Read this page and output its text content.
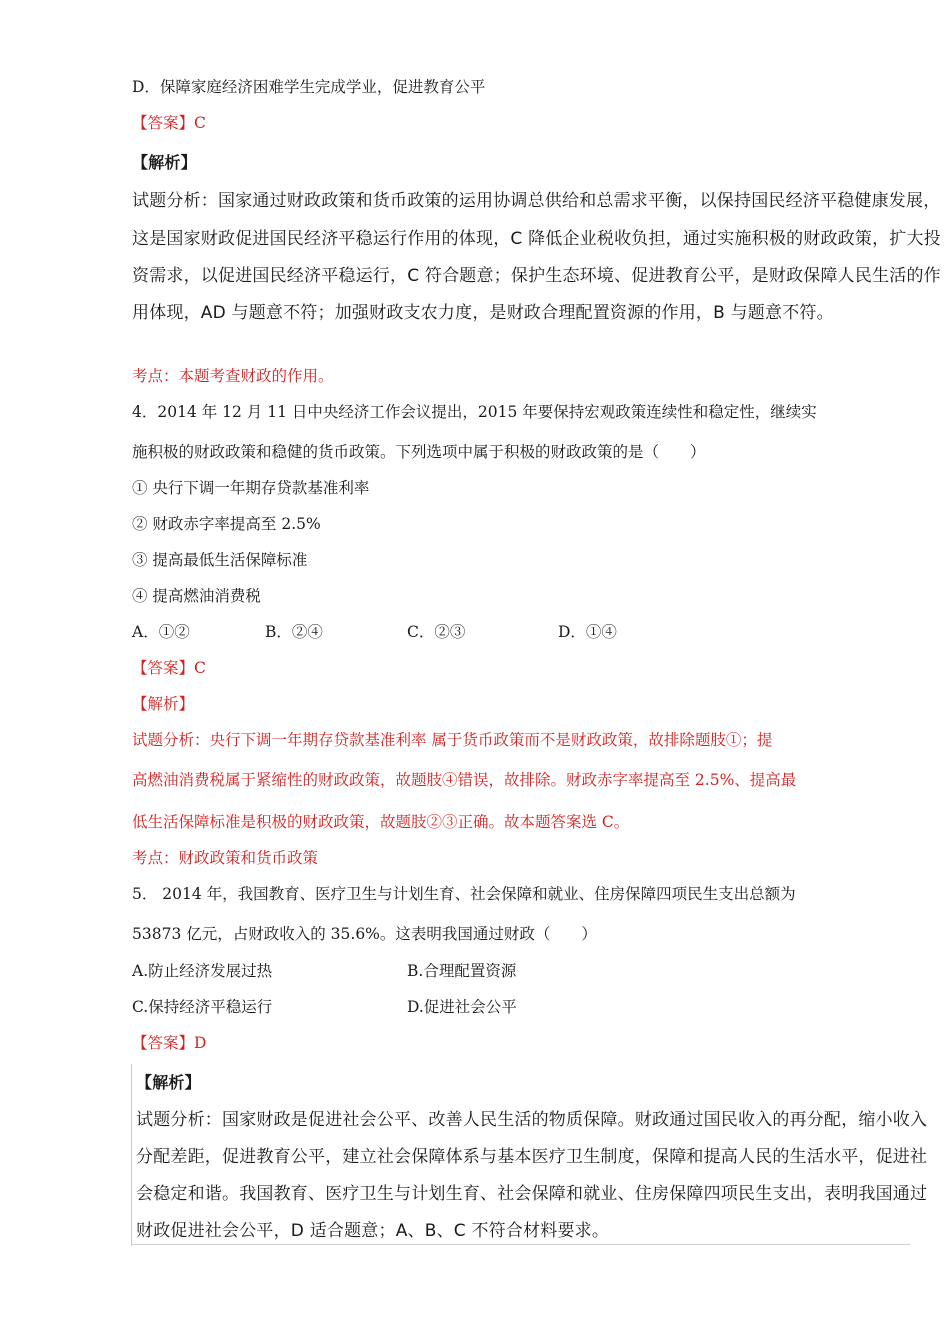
D．保障家庭经济困难学生完成学业，促进教育公平
【答案】C
【解析】
试题分析：国家通过财政政策和货币政策的运用协调总供给和总需求平衡，以保持国民经济平稳健康发展，
这是国家财政促进国民经济平稳运行作用的体现，C 降低企业税收负担，通过实施积极的财政政策，扩大投
资需求，以促进国民经济平稳运行，C 符合题意；保护生态环境、促进教育公平，是财政保障人民生活的作
用体现，AD 与题意不符；加强财政支农力度，是财政合理配置资源的作用，B 与题意不符。
考点：本题考查财政的作用。
4．2014 年 12 月 11 日中央经济工作会议提出，2015 年要保持宏观政策连续性和稳定性，继续实
施积极的财政政策和稳健的货币政策。下列选项中属于积极的财政政策的是（　　）
① 央行下调一年期存贷款基准利率
② 财政赤字率提高至 2.5%
③ 提高最低生活保障标准
④ 提高燃油消费税
A．①②	B．②④	C．②③	D．①④
【答案】C
【解析】
试题分析：央行下调一年期存贷款基准利率 属于货币政策而不是财政政策，故排除题肢①；提
高燃油消费税属于紧缩性的财政政策，故题肢④错误，故排除。财政赤字率提高至 2.5%、提高最
低生活保障标准是积极的财政政策，故题肢②③正确。故本题答案选 C。
考点：财政政策和货币政策
5． 2014 年，我国教育、医疗卫生与计划生育、社会保障和就业、住房保障四项民生支出总额为
53873 亿元，占财政收入的 35.6%。这表明我国通过财政（　　）
A.防止经济发展过热	B.合理配置资源
C.保持经济平稳运行	D.促进社会公平
【答案】D
【解析】
试题分析：国家财政是促进社会公平、改善人民生活的物质保障。财政通过国民收入的再分配，缩小收入
分配差距，促进教育公平，建立社会保障体系与基本医疗卫生制度，保障和提高人民的生活水平，促进社
会稳定和谐。我国教育、医疗卫生与计划生育、社会保障和就业、住房保障四项民生支出，表明我国通过
财政促进社会公平，D 适合题意；A、B、C 不符合材料要求。
